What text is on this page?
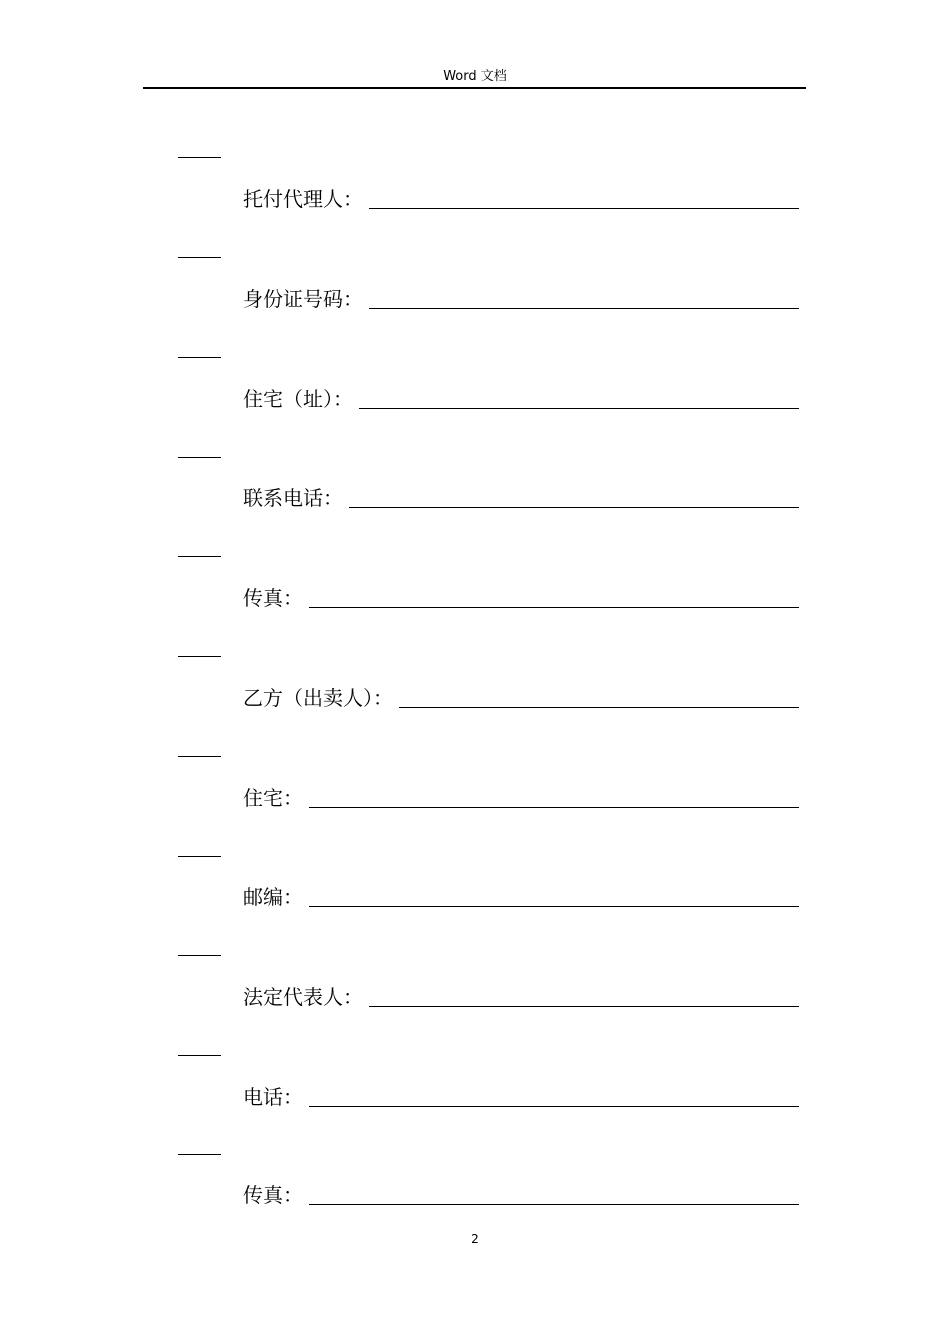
Word 文档
托付代理人：
身份证号码：
住宅（址）：
联系电话：
传真：
乙方（出卖人）：
住宅：
邮编：
法定代表人：
电话：
传真：
2
